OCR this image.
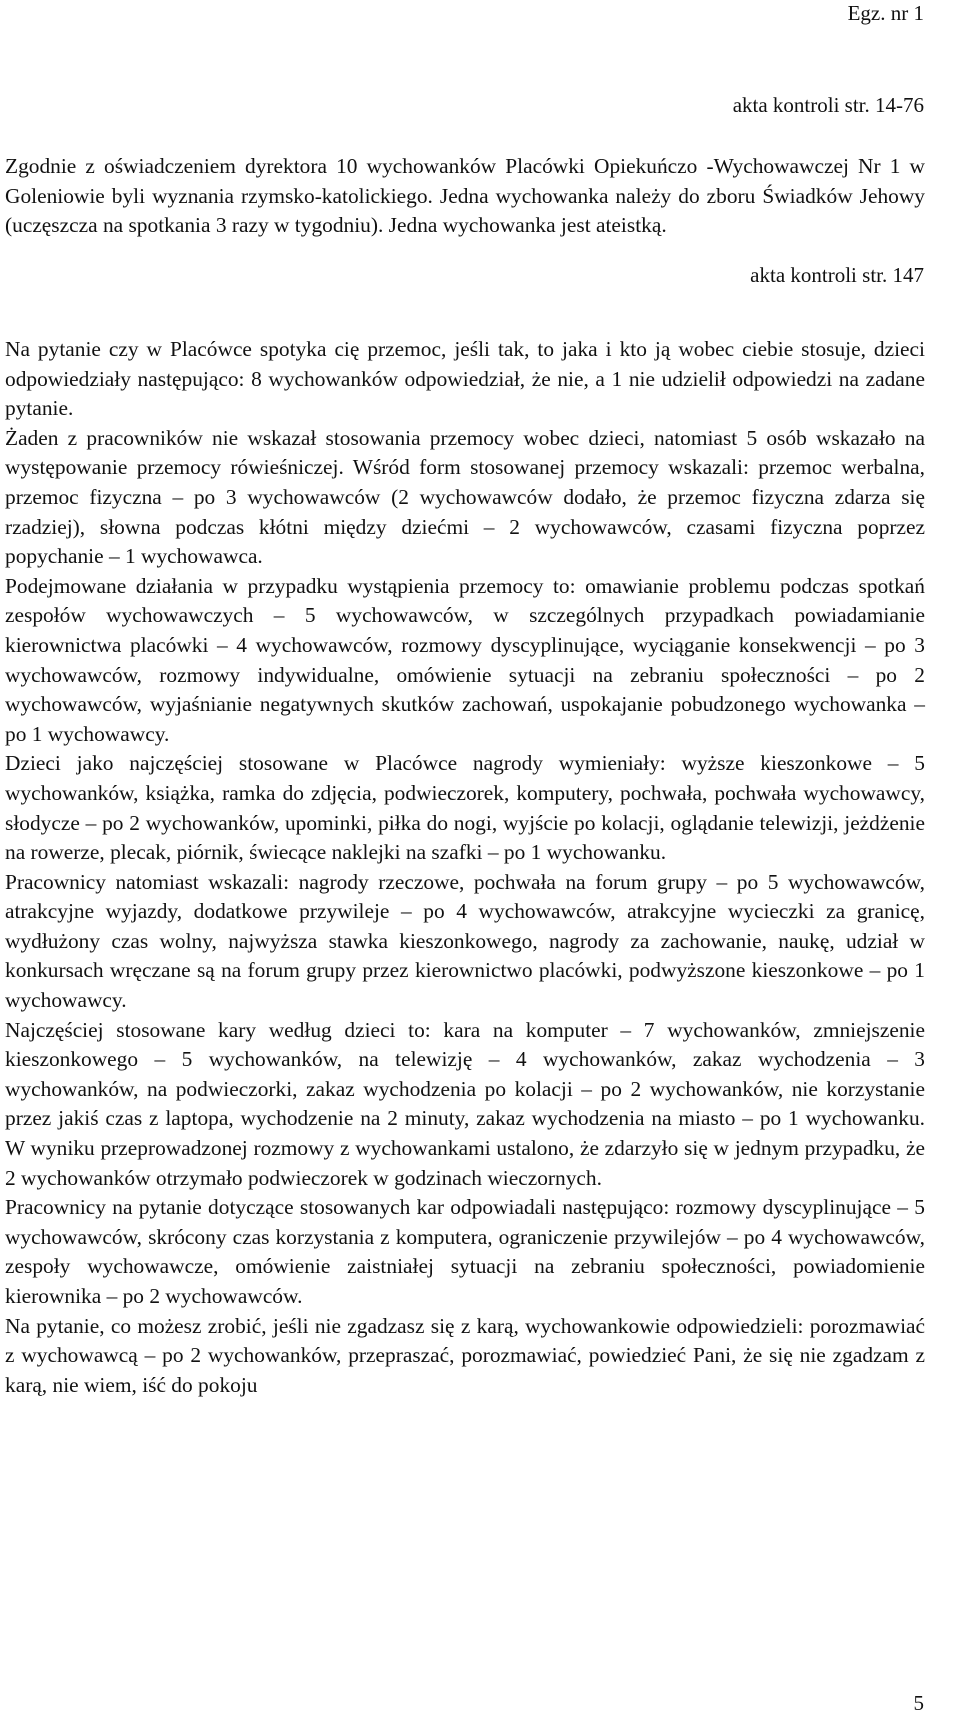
Egz. nr 1
akta kontroli str. 14-76

Zgodnie z oświadczeniem dyrektora 10 wychowanków Placówki Opiekuńczo -Wychowawczej Nr 1 w Goleniowie byli wyznania rzymsko-katolickiego. Jedna wychowanka należy do zboru Świadków Jehowy (uczęszcza na spotkania 3 razy w tygodniu). Jedna wychowanka jest ateistką.

akta kontroli str. 147

Na pytanie czy w Placówce spotyka cię przemoc, jeśli tak, to jaka i kto ją wobec ciebie stosuje, dzieci odpowiedziały następująco: 8 wychowanków odpowiedział, że nie, a 1 nie udzielił odpowiedzi na zadane pytanie.

Żaden z pracowników nie wskazał stosowania przemocy wobec dzieci, natomiast 5 osób wskazało na występowanie przemocy rówieśniczej. Wśród form stosowanej przemocy wskazali: przemoc werbalna, przemoc fizyczna – po 3 wychowawców (2 wychowawców dodało, że przemoc fizyczna zdarza się rzadziej), słowna podczas kłótni między dziećmi – 2 wychowawców, czasami fizyczna poprzez popychanie – 1 wychowawca.

Podejmowane działania w przypadku wystąpienia przemocy to: omawianie problemu podczas spotkań zespołów wychowawczych – 5 wychowawców, w szczególnych przypadkach powiadamianie kierownictwa placówki – 4 wychowawców, rozmowy dyscyplinujące, wyciąganie konsekwencji – po 3 wychowawców, rozmowy indywidualne, omówienie sytuacji na zebraniu społeczności – po 2 wychowawców, wyjaśnianie negatywnych skutków zachowań, uspokajanie pobudzonego wychowanka – po 1 wychowawcy.

Dzieci jako najczęściej stosowane w Placówce nagrody wymieniały: wyższe kieszonkowe – 5 wychowanków, książka, ramka do zdjęcia, podwieczorek, komputery, pochwała, pochwała wychowawcy, słodycze – po 2 wychowanków, upominki, piłka do nogi, wyjście po kolacji, oglądanie telewizji, jeżdżenie na rowerze, plecak, piórnik, świecące naklejki na szafki – po 1 wychowanku.

Pracownicy natomiast wskazali: nagrody rzeczowe, pochwała na forum grupy – po 5 wychowawców, atrakcyjne wyjazdy, dodatkowe przywileje – po 4 wychowawców, atrakcyjne wycieczki za granicę, wydłużony czas wolny, najwyższa stawka kieszonkowego, nagrody za zachowanie, naukę, udział w konkursach wręczane są na forum grupy przez kierownictwo placówki, podwyższone kieszonkowe – po 1 wychowawcy.

Najczęściej stosowane kary według dzieci to: kara na komputer – 7 wychowanków, zmniejszenie kieszonkowego – 5 wychowanków, na telewizję – 4 wychowanków, zakaz wychodzenia – 3 wychowanków, na podwieczorki, zakaz wychodzenia po kolacji – po 2 wychowanków, nie korzystanie przez jakiś czas z laptopa, wychodzenie na 2 minuty, zakaz wychodzenia na miasto – po 1 wychowanku. W wyniku przeprowadzonej rozmowy z wychowankami ustalono, że zdarzyło się w jednym przypadku, że 2 wychowanków otrzymało podwieczorek w godzinach wieczornych.

Pracownicy na pytanie dotyczące stosowanych kar odpowiadali następująco: rozmowy dyscyplinujące – 5 wychowawców, skrócony czas korzystania z komputera, ograniczenie przywilejów – po 4 wychowawców, zespoły wychowawcze, omówienie zaistniałej sytuacji na zebraniu społeczności, powiadomienie kierownika – po 2 wychowawców.

Na pytanie, co możesz zrobić, jeśli nie zgadzasz się z karą, wychowankowie odpowiedzieli: porozmawiać z wychowawcą – po 2 wychowanków, przepraszać, porozmawiać, powiedzieć Pani, że się nie zgadzam z karą, nie wiem, iść do pokoju

5
